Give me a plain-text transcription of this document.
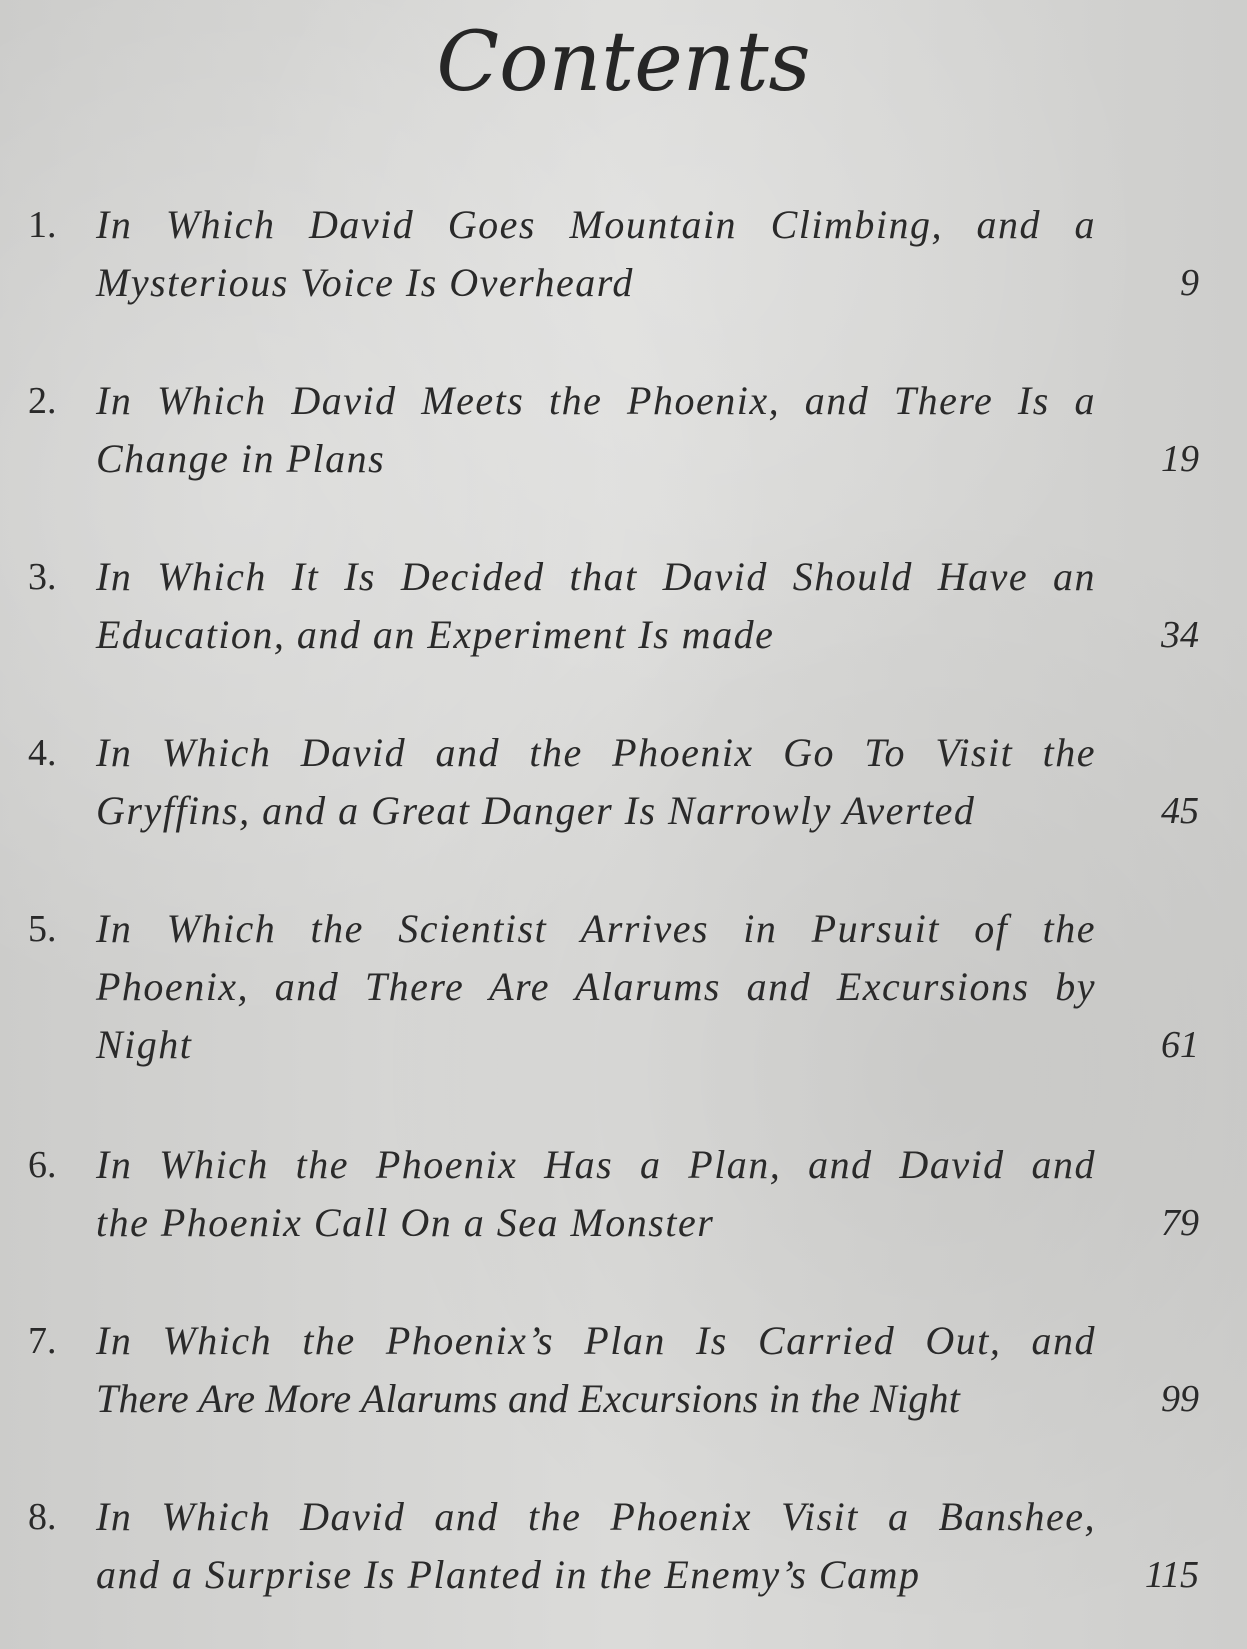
Contents
1. In Which David Goes Mountain Climbing, and a
Mysterious Voice Is Overheard	9
2. In Which David Meets the Phoenix, and There Is a
Change in Plans	19
3. In Which It Is Decided that David Should Have an
Education, and an Experiment Is made	34
4. In Which David and the Phoenix Go To Visit the
Gryffins, and a Great Danger Is Narrowly Averted	45
5. In Which the Scientist Arrives in Pursuit of the
Phoenix, and There Are Alarums and Excursions by
Night	61
6. In Which the Phoenix Has a Plan, and David and
the Phoenix Call On a Sea Monster	79
7. In Which the Phoenix’s Plan Is Carried Out, and
There Are More Alarums and Excursions in the Night	99
8. In Which David and the Phoenix Visit a Banshee,
and a Surprise Is Planted in the Enemy’s Camp	115
